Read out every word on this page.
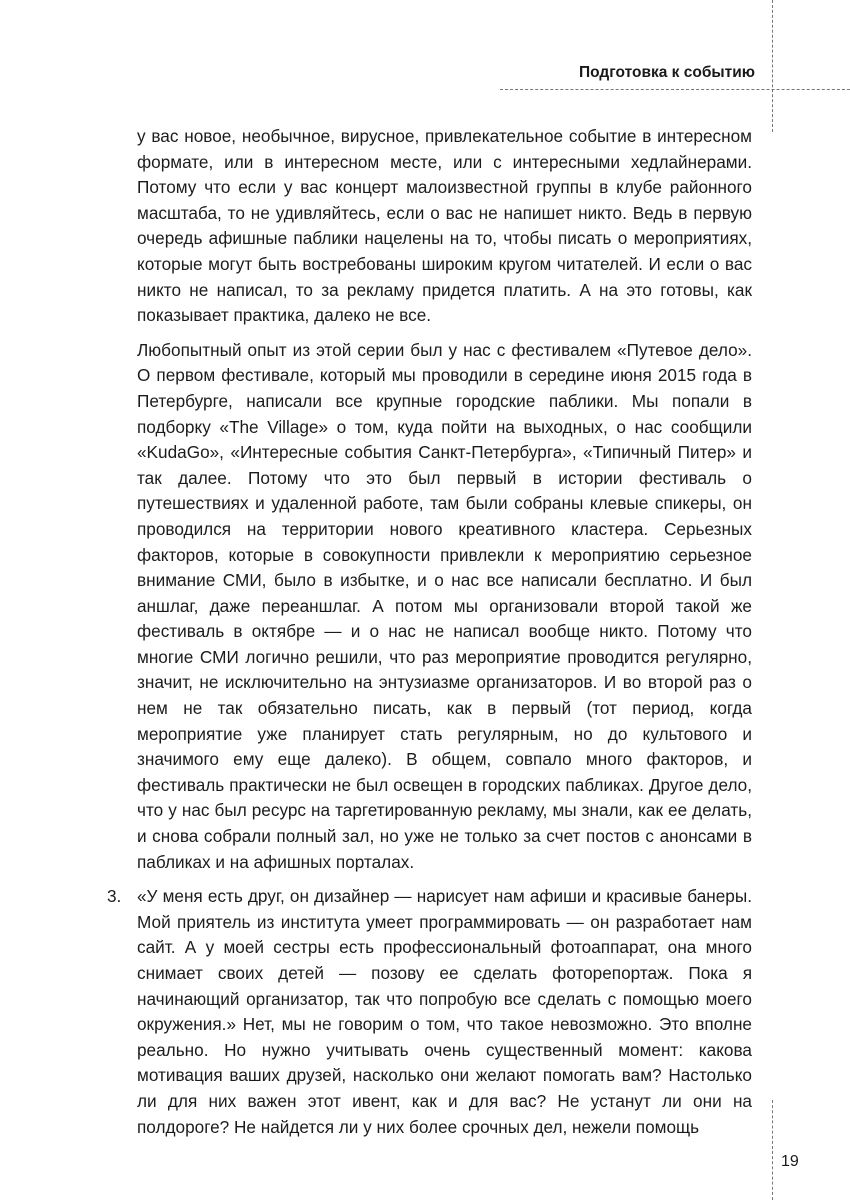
Подготовка к событию

у вас новое, необычное, вирусное, привлекательное событие в интересном формате, или в интересном месте, или с интересными хедлайнерами. Потому что если у вас концерт малоизвестной группы в клубе районного масштаба, то не удивляйтесь, если о вас не напишет никто. Ведь в первую очередь афишные паблики нацелены на то, чтобы писать о мероприятиях, которые могут быть востребованы широким кругом читателей. И если о вас никто не написал, то за рекламу придется платить. А на это готовы, как показывает практика, далеко не все.

Любопытный опыт из этой серии был у нас с фестивалем «Путевое дело». О первом фестивале, который мы проводили в середине июня 2015 года в Петербурге, написали все крупные городские паблики. Мы попали в подборку «The Village» о том, куда пойти на выходных, о нас сообщили «KudaGo», «Интересные события Санкт-Петербурга», «Типичный Питер» и так далее. Потому что это был первый в истории фестиваль о путешествиях и удаленной работе, там были собраны клевые спикеры, он проводился на территории нового креативного кластера. Серьезных факторов, которые в совокупности привлекли к мероприятию серьезное внимание СМИ, было в избытке, и о нас все написали бесплатно. И был аншлаг, даже переаншлаг. А потом мы организовали второй такой же фестиваль в октябре — и о нас не написал вообще никто. Потому что многие СМИ логично решили, что раз мероприятие проводится регулярно, значит, не исключительно на энтузиазме организаторов. И во второй раз о нем не так обязательно писать, как в первый (тот период, когда мероприятие уже планирует стать регулярным, но до культового и значимого ему еще далеко). В общем, совпало много факторов, и фестиваль практически не был освещен в городских пабликах. Другое дело, что у нас был ресурс на таргетированную рекламу, мы знали, как ее делать, и снова собрали полный зал, но уже не только за счет постов с анонсами в пабликах и на афишных порталах.

3. «У меня есть друг, он дизайнер — нарисует нам афиши и красивые банеры. Мой приятель из института умеет программировать — он разработает нам сайт. А у моей сестры есть профессиональный фотоаппарат, она много снимает своих детей — позову ее сделать фоторепортаж. Пока я начинающий организатор, так что попробую все сделать с помощью моего окружения.» Нет, мы не говорим о том, что такое невозможно. Это вполне реально. Но нужно учитывать очень существенный момент: какова мотивация ваших друзей, насколько они желают помогать вам? Настолько ли для них важен этот ивент, как и для вас? Не устанут ли они на полдороге? Не найдется ли у них более срочных дел, нежели помощь

19
